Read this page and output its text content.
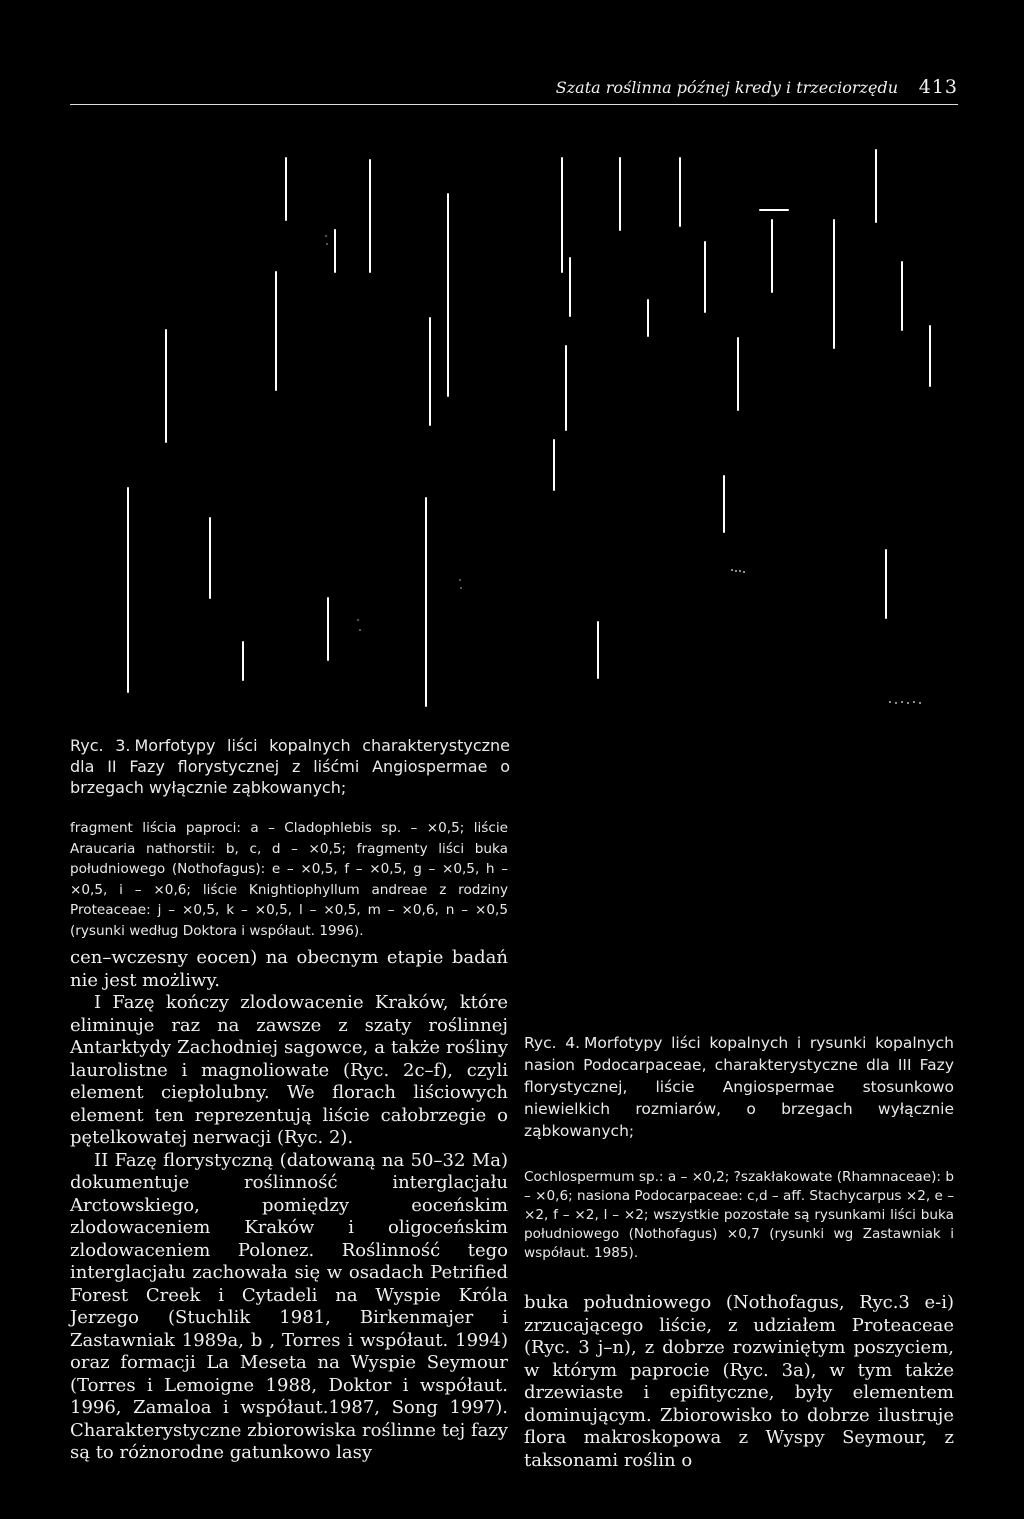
Szata roślinna późnej kredy i trzeciorzędu 413
Ryc. 3. Morfotypy liści kopalnych charakterystyczne dla II Fazy florystycznej z liśćmi Angiospermae o brzegach wyłącznie ząbkowanych;
fragment liścia paproci: a – Cladophlebis sp. – ×0,5; liście Araucaria nathorstii: b, c, d – ×0,5; fragmenty liści buka południowego (Nothofagus): e – ×0,5, f – ×0,5, g – ×0,5, h – ×0,5, i – ×0,6; liście Knightiophyllum andreae z rodziny Proteaceae: j – ×0,5, k – ×0,5, l – ×0,5, m – ×0,6, n – ×0,5 (rysunki według Doktora i współaut. 1996).

cen–wczesny eocen) na obecnym etapie badań nie jest możliwy.

I Fazę kończy zlodowacenie Kraków, które eliminuje raz na zawsze z szaty roślinnej Antarktydy Zachodniej sagowce, a także rośliny laurolistne i magnoliowate (Ryc. 2c–f), czyli element ciepłolubny. We florach liściowych element ten reprezentują liście całobrzegie o pętelkowatej nerwacji (Ryc. 2).

II Fazę florystyczną (datowaną na 50–32 Ma) dokumentuje roślinność interglacjału Arctowskiego, pomiędzy eoceńskim zlodowaceniem Kraków i oligoceńskim zlodowaceniem Polonez. Roślinność tego interglacjału zachowała się w osadach Petrified Forest Creek i Cytadeli na Wyspie Króla Jerzego (Stuchlik 1981, Birkenmajer i Zastawniak 1989a, b , Torres i współaut. 1994) oraz formacji La Meseta na Wyspie Seymour (Torres i Lemoigne 1988, Doktor i współaut. 1996, Zamaloa i współaut.1987, Song 1997). Charakterystyczne zbiorowiska roślinne tej fazy są to różnorodne gatunkowo lasy

Ryc. 4. Morfotypy liści kopalnych i rysunki kopalnych nasion Podocarpaceae, charakterystyczne dla III Fazy florystycznej, liście Angiospermae stosunkowo niewielkich rozmiarów, o brzegach wyłącznie ząbkowanych;
Cochlospermum sp.: a – ×0,2; ?szakłakowate (Rhamnaceae): b – ×0,6; nasiona Podocarpaceae: c,d – aff. Stachycarpus ×2, e – ×2, f – ×2, l – ×2; wszystkie pozostałe są rysunkami liści buka południowego (Nothofagus) ×0,7 (rysunki wg Zastawniak i współaut. 1985).

buka południowego (Nothofagus, Ryc.3 e-i) zrzucającego liście, z udziałem Proteaceae (Ryc. 3 j–n), z dobrze rozwiniętym poszyciem, w którym paprocie (Ryc. 3a), w tym także drzewiaste i epifityczne, były elementem dominującym. Zbiorowisko to dobrze ilustruje flora makroskopowa z Wyspy Seymour, z taksonami roślin o
